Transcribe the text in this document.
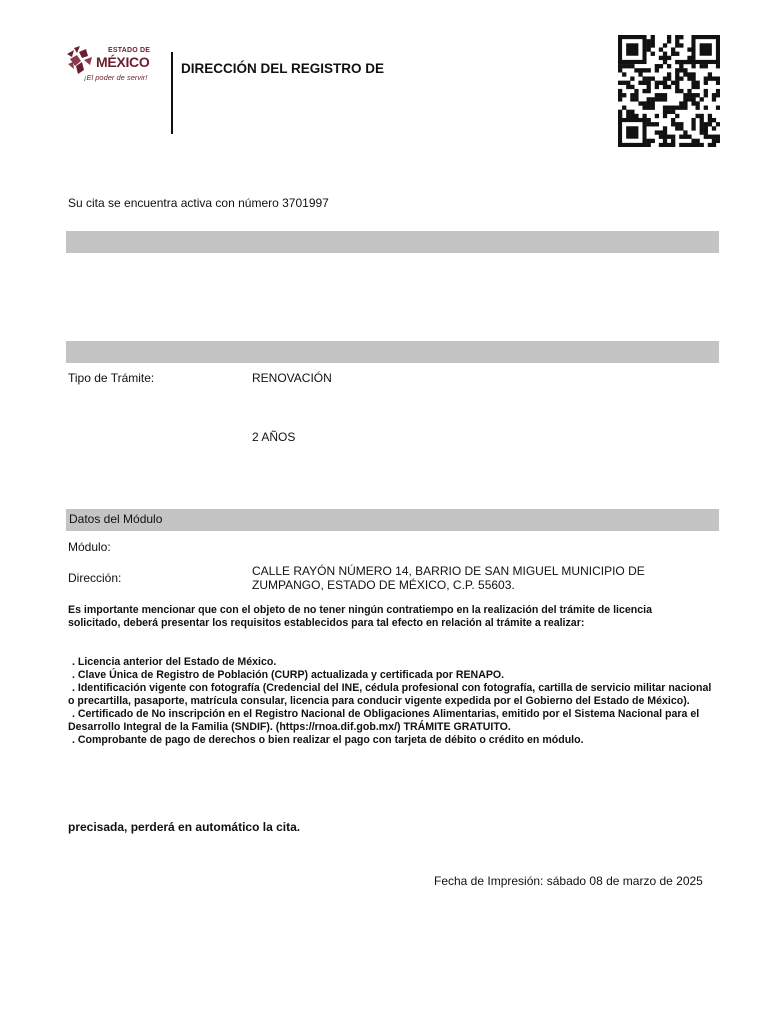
ESTADO DE
MÉXICO
¡El poder de servir!
DIRECCIÓN DEL REGISTRO DE
Su cita se encuentra activa con número 3701997
Tipo de Trámite:	RENOVACIÓN
2 AÑOS
Datos del Módulo
Módulo:
Dirección:	CALLE RAYÓN NÚMERO 14, BARRIO DE SAN MIGUEL MUNICIPIO DE
ZUMPANGO, ESTADO DE MÉXICO, C.P. 55603.
Es importante mencionar que con el objeto de no tener ningún contratiempo en la realización del trámite de licencia
solicitado, deberá presentar los requisitos establecidos para tal efecto en relación al trámite a realizar:
. Licencia anterior del Estado de México.
. Clave Única de Registro de Población (CURP) actualizada y certificada por RENAPO.
. Identificación vigente con fotografía (Credencial del INE, cédula profesional con fotografía, cartilla de servicio militar nacional o precartilla, pasaporte, matrícula consular, licencia para conducir vigente expedida por el Gobierno del Estado de México).
. Certificado de No inscripción en el Registro Nacional de Obligaciones Alimentarias, emitido por el Sistema Nacional para el Desarrollo Integral de la Familia (SNDIF). (https://rnoa.dif.gob.mx/) TRÁMITE GRATUITO.
. Comprobante de pago de derechos o bien realizar el pago con tarjeta de débito o crédito en módulo.
precisada, perderá en automático la cita.
Fecha de Impresión: sábado 08 de marzo de 2025
